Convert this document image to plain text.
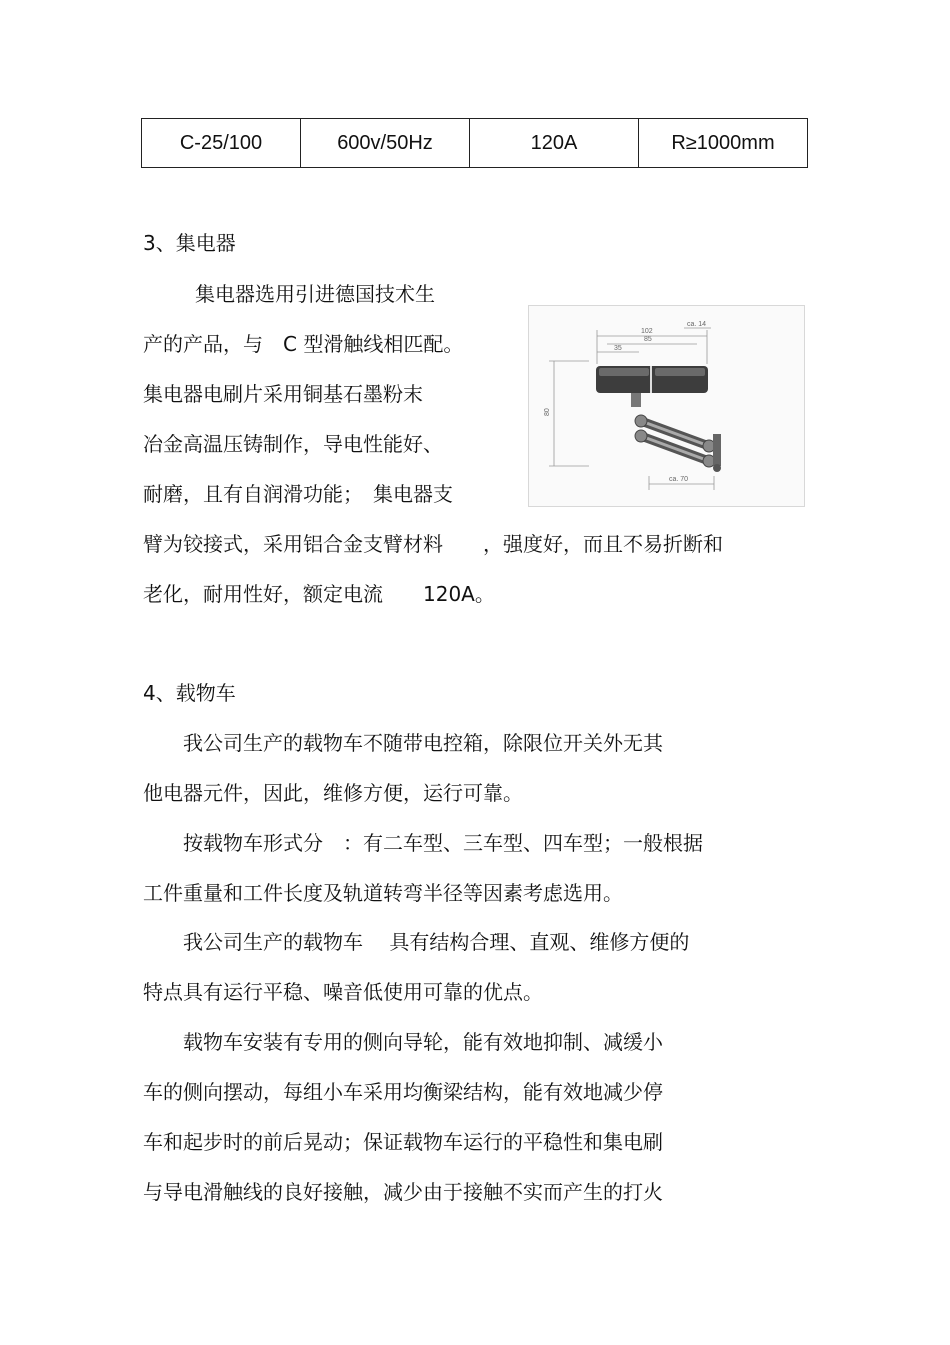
C-25/100	600v/50Hz	120A	R≥1000mm
3、集电器
集电器选用引进德国技术生
产的产品，与　C 型滑触线相匹配。
集电器电刷片采用铜基石墨粉末
冶金高温压铸制作，导电性能好、
耐磨，且有自润滑功能；　集电器支
臂为铰接式，采用铝合金支臂材料　　，强度好，而且不易折断和
老化，耐用性好，额定电流　　120A。
102
85
35
ca. 14
80
ca. 70
4、载物车
我公司生产的载物车不随带电控箱，除限位开关外无其
他电器元件，因此，维修方便，运行可靠。
按载物车形式分　：有二车型、三车型、四车型；一般根据
工件重量和工件长度及轨道转弯半径等因素考虑选用。
我公司生产的载物车　 具有结构合理、直观、维修方便的
特点具有运行平稳、噪音低使用可靠的优点。
载物车安装有专用的侧向导轮，能有效地抑制、减缓小
车的侧向摆动，每组小车采用均衡梁结构，能有效地减少停
车和起步时的前后晃动；保证载物车运行的平稳性和集电刷
与导电滑触线的良好接触，减少由于接触不实而产生的打火
